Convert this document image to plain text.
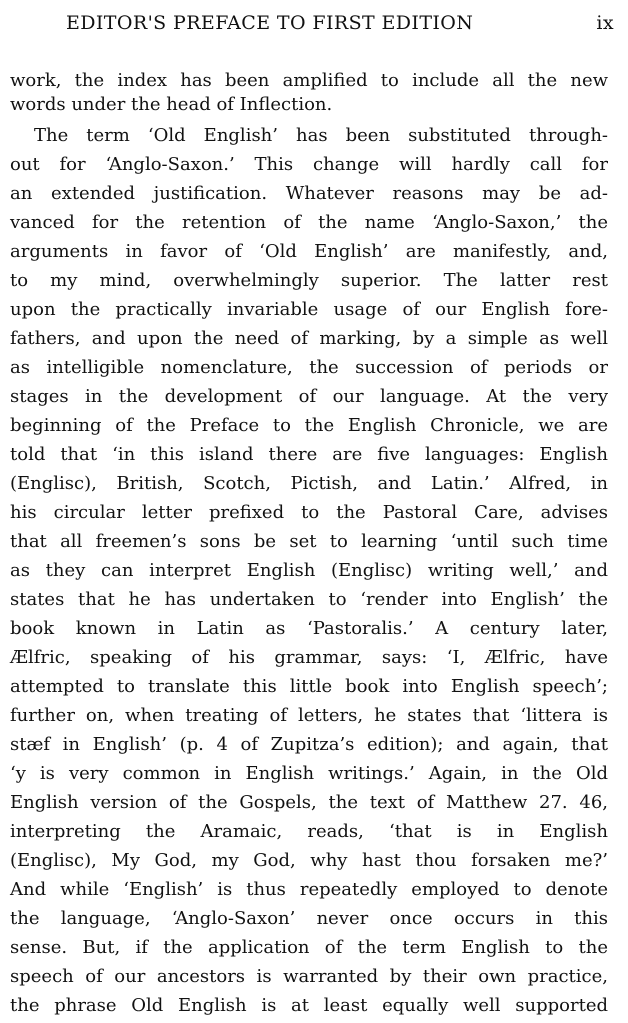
EDITOR'S PREFACE TO FIRST EDITION	ix
work, the index has been amplified to include all the new
words under the head of Inflection.
The term ‘Old English’ has been substituted through-
out for ‘Anglo-Saxon.’ This change will hardly call for
an extended justification. Whatever reasons may be ad-
vanced for the retention of the name ‘Anglo-Saxon,’ the
arguments in favor of ‘Old English’ are manifestly, and,
to my mind, overwhelmingly superior. The latter rest
upon the practically invariable usage of our English fore-
fathers, and upon the need of marking, by a simple as well
as intelligible nomenclature, the succession of periods or
stages in the development of our language. At the very
beginning of the Preface to the English Chronicle, we are
told that ‘in this island there are five languages: English
(Englisc), British, Scotch, Pictish, and Latin.’ Alfred, in
his circular letter prefixed to the Pastoral Care, advises
that all freemen’s sons be set to learning ‘until such time
as they can interpret English (Englisc) writing well,’ and
states that he has undertaken to ‘render into English’ the
book known in Latin as ‘Pastoralis.’ A century later,
Ælfric, speaking of his grammar, says: ‘I, Ælfric, have
attempted to translate this little book into English speech’;
further on, when treating of letters, he states that ‘littera is
stæf in English’ (p. 4 of Zupitza’s edition); and again, that
‘y is very common in English writings.’ Again, in the Old
English version of the Gospels, the text of Matthew 27. 46,
interpreting the Aramaic, reads, ‘that is in English
(Englisc), My God, my God, why hast thou forsaken me?’
And while ‘English’ is thus repeatedly employed to denote
the language, ‘Anglo-Saxon’ never once occurs in this
sense. But, if the application of the term English to the
speech of our ancestors is warranted by their own practice,
the phrase Old English is at least equally well supported
